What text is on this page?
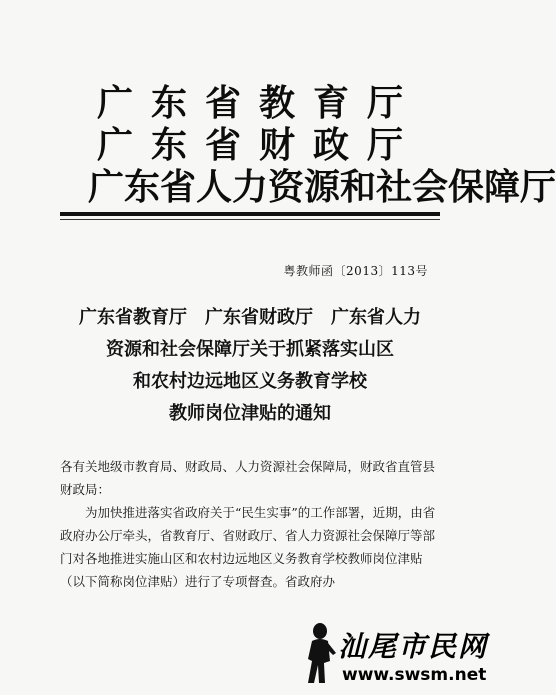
广 东 省 教 育 厅
广 东 省 财 政 厅
广东省人力资源和社会保障厅
粤教师函〔2013〕113号
广东省教育厅　广东省财政厅　广东省人力
资源和社会保障厅关于抓紧落实山区
和农村边远地区义务教育学校
教师岗位津贴的通知

各有关地级市教育局、财政局、人力资源社会保障局，财政省直管县财政局：

为加快推进落实省政府关于“民生实事”的工作部署，近期，由省政府办公厅牵头，省教育厅、省财政厅、省人力资源社会保障厅等部门对各地推进实施山区和农村边远地区义务教育学校教师岗位津贴（以下简称岗位津贴）进行了专项督查。省政府办

汕尾市民网
www.swsm.net
